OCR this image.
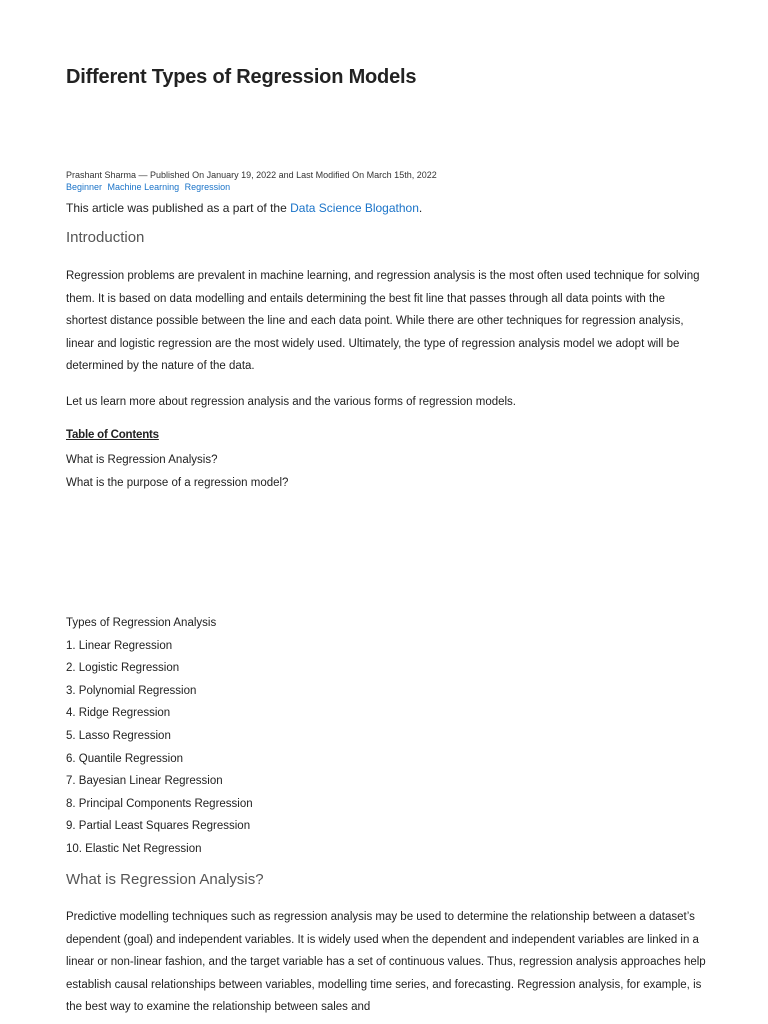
Different Types of Regression Models
Prashant Sharma — Published On January 19, 2022 and Last Modified On March 15th, 2022
Beginner Machine Learning Regression
This article was published as a part of the Data Science Blogathon.
Introduction

Regression problems are prevalent in machine learning, and regression analysis is the most often used technique for solving them. It is based on data modelling and entails determining the best fit line that passes through all data points with the shortest distance possible between the line and each data point. While there are other techniques for regression analysis, linear and logistic regression are the most widely used. Ultimately, the type of regression analysis model we adopt will be determined by the nature of the data.

Let us learn more about regression analysis and the various forms of regression models.

Table of Contents
What is Regression Analysis?
What is the purpose of a regression model?
Types of Regression Analysis
1. Linear Regression
2. Logistic Regression
3. Polynomial Regression
4. Ridge Regression
5. Lasso Regression
6. Quantile Regression
7. Bayesian Linear Regression
8. Principal Components Regression
9. Partial Least Squares Regression
10. Elastic Net Regression
What is Regression Analysis?

Predictive modelling techniques such as regression analysis may be used to determine the relationship between a dataset’s dependent (goal) and independent variables. It is widely used when the dependent and independent variables are linked in a linear or non-linear fashion, and the target variable has a set of continuous values. Thus, regression analysis approaches help establish causal relationships between variables, modelling time series, and forecasting. Regression analysis, for example, is the best way to examine the relationship between sales and
